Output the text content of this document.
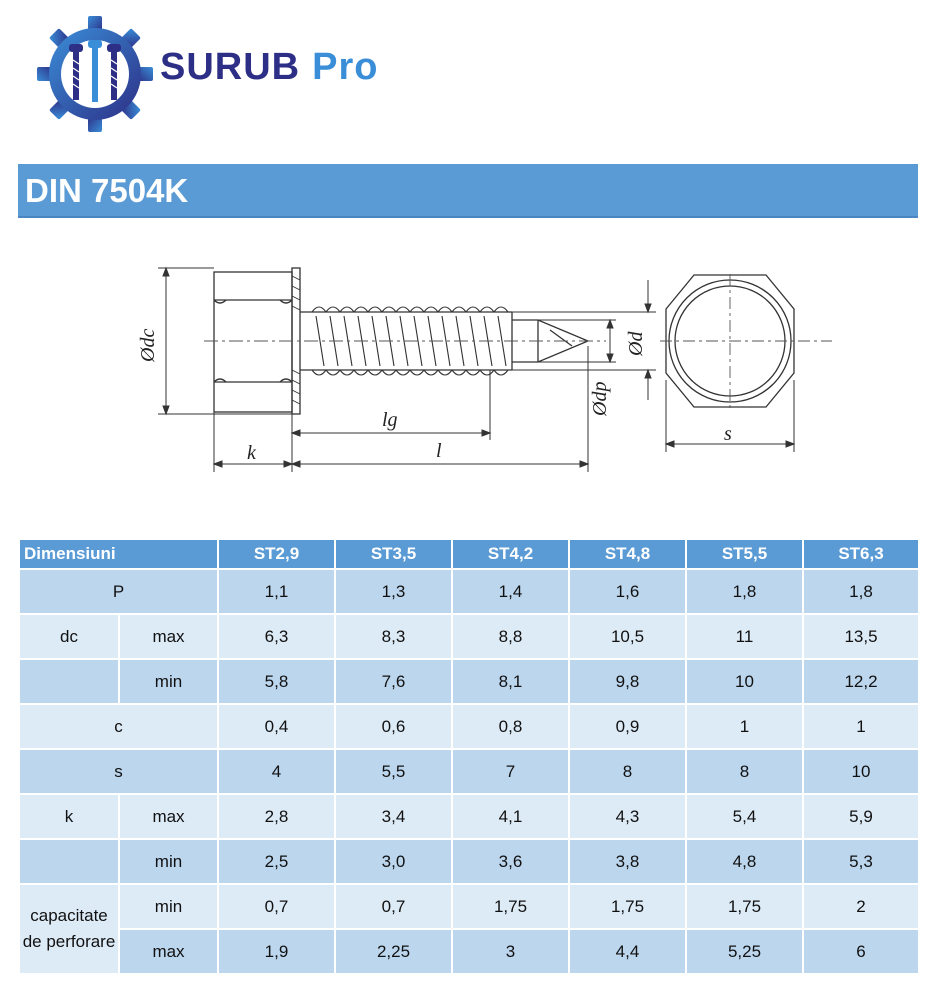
SURUB Pro
DIN 7504K
Ødc
k
lg
l
Ød
Ødp
s
Dimensiuni		ST2,9	ST3,5	ST4,2	ST4,8	ST5,5	ST6,3
P		1,1	1,3	1,4	1,6	1,8	1,8
dc	max	6,3	8,3	8,8	10,5	11	13,5
	min	5,8	7,6	8,1	9,8	10	12,2
c		0,4	0,6	0,8	0,9	1	1
s		4	5,5	7	8	8	10
k	max	2,8	3,4	4,1	4,3	5,4	5,9
	min	2,5	3,0	3,6	3,8	4,8	5,3
capacitate de perforare	min	0,7	0,7	1,75	1,75	1,75	2
	max	1,9	2,25	3	4,4	5,25	6
